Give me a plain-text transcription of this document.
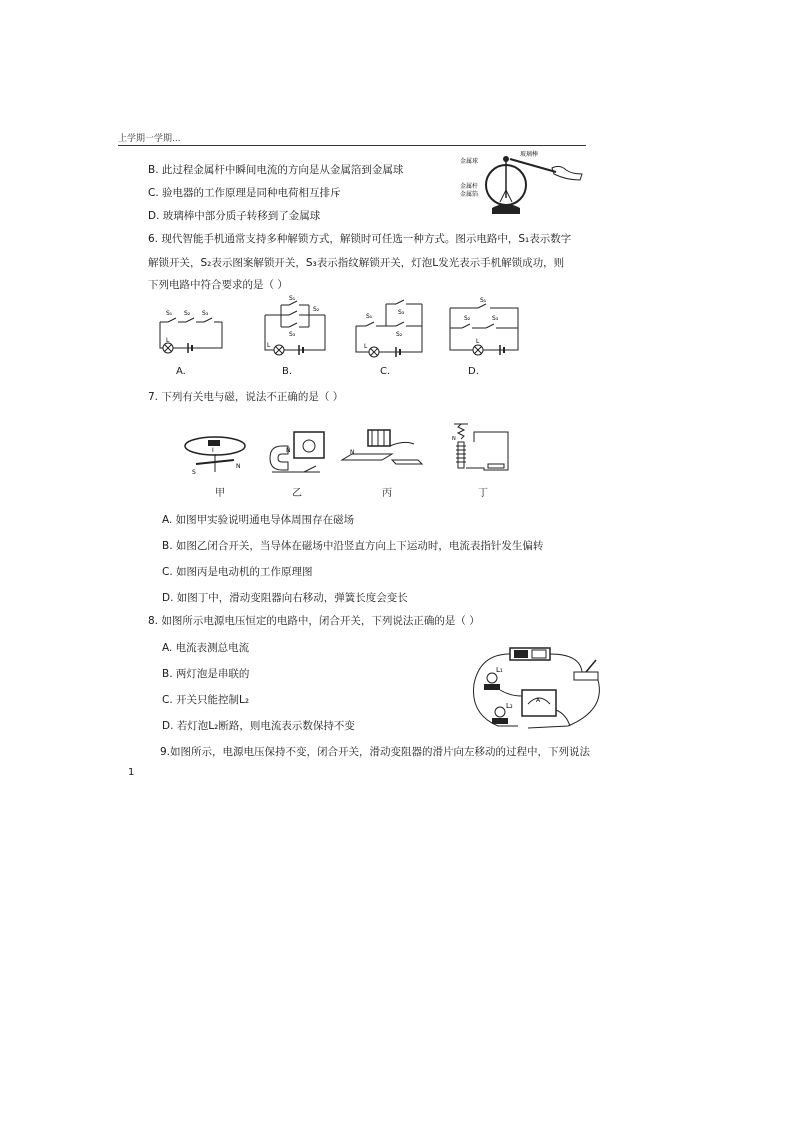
上学期一学期...
B. 此过程金属杆中瞬间电流的方向是从金属箔到金属球
C. 验电器的工作原理是同种电荷相互排斥
D. 玻璃棒中部分质子转移到了金属球
金属球
玻璃棒
金属杆
金属箔
6. 现代智能手机通常支持多种解锁方式，解锁时可任选一种方式。图示电路中，S₁表示数字
解锁开关，S₂表示图案解锁开关，S₃表示指纹解锁开关，灯泡L发光表示手机解锁成功，则
下列电路中符合要求的是（ ）
S₁ S₂ S₃
L
A.
S₁
S₂
S₃
L
B.
S₁
S₃
S₂
L
C.
S₁
S₂	S₃
L
D.
7. 下列有关电与磁，说法不正确的是（ ）
S
N
I
甲
N
乙
N
丙
N
丁
A. 如图甲实验说明通电导体周围存在磁场
B. 如图乙闭合开关，当导体在磁场中沿竖直方向上下运动时，电流表指针发生偏转
C. 如图丙是电动机的工作原理图
D. 如图丁中，滑动变阻器向右移动，弹簧长度会变长
8. 如图所示电源电压恒定的电路中，闭合开关，下列说法正确的是（ ）
A. 电流表测总电流
B. 两灯泡是串联的
C. 开关只能控制L₂
D. 若灯泡L₂断路，则电流表示数保持不变
A
L₁
L₂
9.如图所示，电源电压保持不变，闭合开关，滑动变阻器的滑片向左移动的过程中，下列说法
1
